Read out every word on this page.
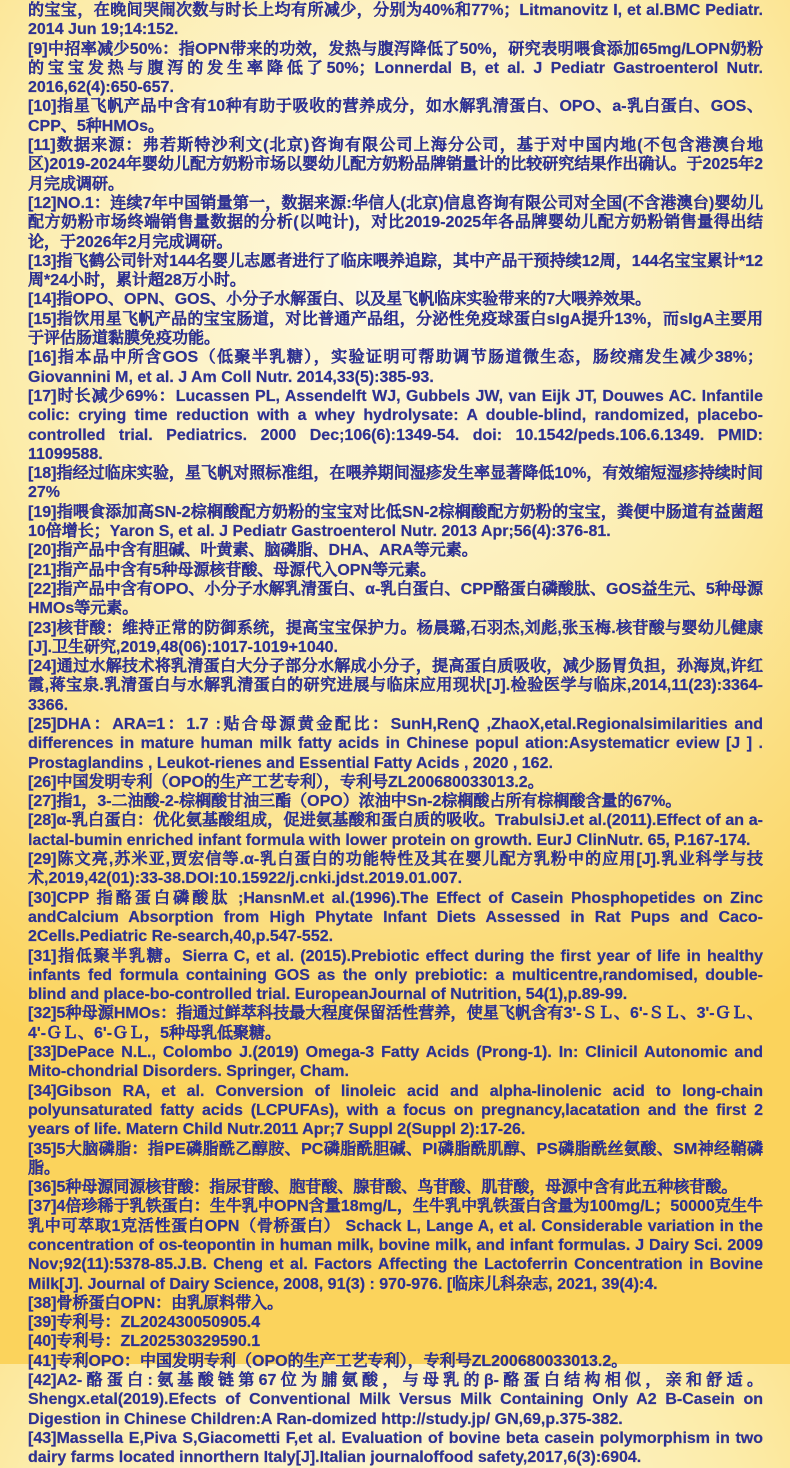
的宝宝，在晚间哭闹次数与时长上均有所减少，分别为40%和77%；Litmanovitz I, et al.BMC Pediatr. 2014 Jun 19;14:152.

[9]中招率减少50%：指OPN带来的功效，发热与腹泻降低了50%，研究表明喂食添加65mg/LOPN奶粉的宝宝发热与腹泻的发生率降低了50%；Lonnerdal B, et al. J Pediatr Gastroenterol Nutr. 2016,62(4):650-657.

[10]指星飞帆产品中含有10种有助于吸收的营养成分，如水解乳清蛋白、OPO、a-乳白蛋白、GOS、CPP、5种HMOs。

[11]数据来源：弗若斯特沙利文(北京)咨询有限公司上海分公司，基于对中国内地(不包含港澳台地区)2019-2024年婴幼儿配方奶粉市场以婴幼儿配方奶粉品牌销量计的比较研究结果作出确认。于2025年2月完成调研。

[12]NO.1：连续7年中国销量第一，数据来源:华信人(北京)信息咨询有限公司对全国(不含港澳台)婴幼儿配方奶粉市场终端销售量数据的分析(以吨计)，对比2019-2025年各品牌婴幼儿配方奶粉销售量得出结论，于2026年2月完成调研。

[13]指飞鹤公司针对144名婴儿志愿者进行了临床喂养追踪，其中产品干预持续12周，144名宝宝累计*12周*24小时，累计超28万小时。

[14]指OPO、OPN、GOS、小分子水解蛋白、以及星飞帆临床实验带来的7大喂养效果。

[15]指饮用星飞帆产品的宝宝肠道，对比普通产品组，分泌性免疫球蛋白sIgA提升13%，而sIgA主要用于评估肠道黏膜免疫功能。

[16]指本品中所含GOS（低聚半乳糖），实验证明可帮助调节肠道微生态，肠绞痛发生减少38%；Giovannini M, et al. J Am Coll Nutr. 2014,33(5):385-93.

[17]时长减少69%：Lucassen PL, Assendelft WJ, Gubbels JW, van Eijk JT, Douwes AC. Infantile colic: crying time reduction with a whey hydrolysate: A double-blind, randomized, placebo-controlled trial. Pediatrics. 2000 Dec;106(6):1349-54. doi: 10.1542/peds.106.6.1349. PMID: 11099588.

[18]指经过临床实验，星飞帆对照标准组，在喂养期间湿疹发生率显著降低10%，有效缩短湿疹持续时间27%

[19]指喂食添加高SN-2棕榈酸配方奶粉的宝宝对比低SN-2棕榈酸配方奶粉的宝宝，粪便中肠道有益菌超10倍增长；Yaron S, et al. J Pediatr Gastroenterol Nutr. 2013 Apr;56(4):376-81.

[20]指产品中含有胆碱、叶黄素、脑磷脂、DHA、ARA等元素。

[21]指产品中含有5种母源核苷酸、母源代入OPN等元素。

[22]指产品中含有OPO、小分子水解乳清蛋白、α-乳白蛋白、CPP酪蛋白磷酸肽、GOS益生元、5种母源HMOs等元素。

[23]核苷酸：维持正常的防御系统，提高宝宝保护力。杨晨璐,石羽杰,刘彪,张玉梅.核苷酸与婴幼儿健康[J].卫生研究,2019,48(06):1017-1019+1040.

[24]通过水解技术将乳清蛋白大分子部分水解成小分子，提高蛋白质吸收，减少肠胃负担，孙海岚,许红霞,蒋宝泉.乳清蛋白与水解乳清蛋白的研究进展与临床应用现状[J].检验医学与临床,2014,11(23):3364-3366.

[25]DHA：ARA=1：1.7 :贴合母源黄金配比：SunH,RenQ ,ZhaoX,etal.Regionalsimilarities and differences in mature human milk fatty acids in Chinese popul ation:Asystematicr eview [J ] . Prostaglandins , Leukot-rienes and Essential Fatty Acids , 2020 , 162.

[26]中国发明专利（OPO的生产工艺专利），专利号ZL200680033013.2。

[27]指1，3-二油酸-2-棕榈酸甘油三酯（OPO）浓油中Sn-2棕榈酸占所有棕榈酸含量的67%。

[28]α-乳白蛋白：优化氨基酸组成，促进氨基酸和蛋白质的吸收。TrabulsiJ.et al.(2011).Effect of an a-lactal-bumin enriched infant formula with lower protein on growth. EurJ ClinNutr. 65, P.167-174.

[29]陈文亮,苏米亚,贾宏信等.α-乳白蛋白的功能特性及其在婴儿配方乳粉中的应用[J].乳业科学与技术,2019,42(01):33-38.DOI:10.15922/j.cnki.jdst.2019.01.007.

[30]CPP 指酪蛋白磷酸肽 ;HansnM.et al.(1996).The Effect of Casein Phosphopetides on Zinc andCalcium Absorption from High Phytate Infant Diets Assessed in Rat Pups and Caco-2Cells.Pediatric Re-search,40,p.547-552.

[31]指低聚半乳糖。Sierra C, et al. (2015).Prebiotic effect during the first year of life in healthy infants fed formula containing GOS as the only prebiotic: a multicentre,randomised, double-blind and place-bo-controlled trial. EuropeanJournal of Nutrition, 54(1),p.89-99.

[32]5种母源HMOs：指通过鲜萃科技最大程度保留活性营养，使星飞帆含有3'-ＳＬ、6'-ＳＬ、3'-ＧＬ、4'-ＧＬ、6'-ＧＬ，5种母乳低聚糖。

[33]DePace N.L., Colombo J.(2019) Omega-3 Fatty Acids (Prong-1). In: Clinicil Autonomic and Mito-chondrial Disorders. Springer, Cham.

[34]Gibson RA, et al. Conversion of linoleic acid and alpha-linolenic acid to long-chain polyunsaturated fatty acids (LCPUFAs), with a focus on pregnancy,lacatation and the first 2 years of life. Matern Child Nutr.2011 Apr;7 Suppl 2(Suppl 2):17-26.

[35]5大脑磷脂：指PE磷脂酰乙醇胺、PC磷脂酰胆碱、PI磷脂酰肌醇、PS磷脂酰丝氨酸、SM神经鞘磷脂。

[36]5种母源同源核苷酸：指尿苷酸、胞苷酸、腺苷酸、鸟苷酸、肌苷酸，母源中含有此五种核苷酸。

[37]4倍珍稀于乳铁蛋白：生牛乳中OPN含量18mg/L，生牛乳中乳铁蛋白含量为100mg/L；50000克生牛乳中可萃取1克活性蛋白OPN（骨桥蛋白） Schack L, Lange A, et al. Considerable variation in the concentration of os-teopontin in human milk, bovine milk, and infant formulas. J Dairy Sci. 2009 Nov;92(11):5378-85.J.B. Cheng et al. Factors Affecting the Lactoferrin Concentration in Bovine Milk[J]. Journal of Dairy Science, 2008, 91(3) : 970-976. [临床儿科杂志, 2021, 39(4):4.

[38]骨桥蛋白OPN：由乳原料带入。

[39]专利号：ZL202430050905.4

[40]专利号：ZL202530329590.1

[41]专利OPO：中国发明专利（OPO的生产工艺专利），专利号ZL200680033013.2。

[42]A2-酪蛋白:氨基酸链第67位为脯氨酸，与母乳的β-酪蛋白结构相似，亲和舒适。Shengx.etal(2019).Efects of Conventional Milk Versus Milk Containing Only A2 B-Casein on Digestion in Chinese Children:A Ran-domized http://study.jp/ GN,69,p.375-382.

[43]Massella E,Piva S,Giacometti F,et al. Evaluation of bovine beta casein polymorphism in two dairy farms located innorthern Italy[J].Italian journaloffood safety,2017,6(3):6904.
